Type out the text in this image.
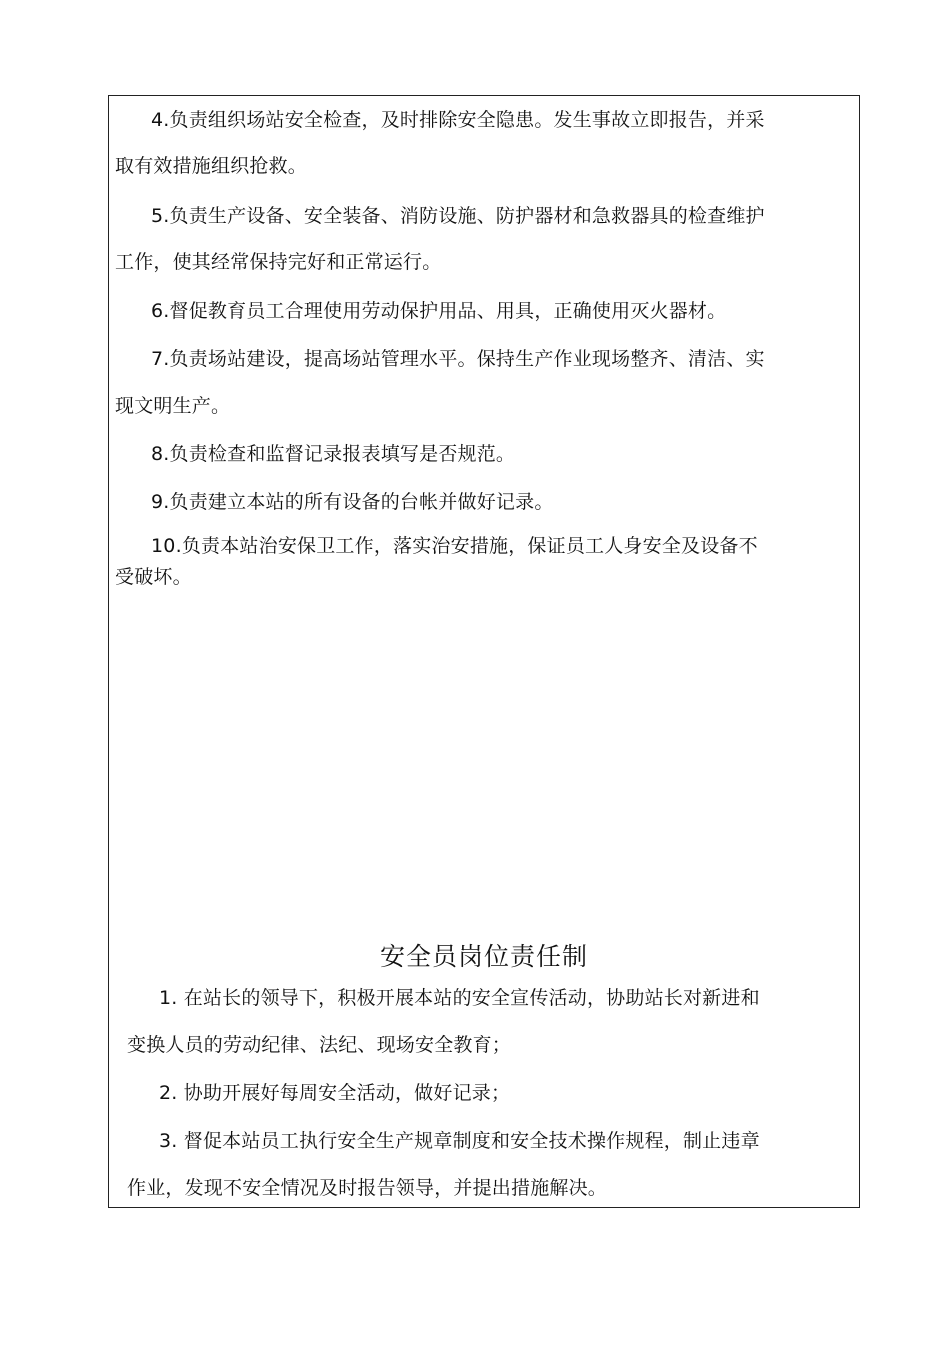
4.负责组织场站安全检查，及时排除安全隐患。发生事故立即报告，并采
取有效措施组织抢救。
5.负责生产设备、安全装备、消防设施、防护器材和急救器具的检查维护
工作，使其经常保持完好和正常运行。
6.督促教育员工合理使用劳动保护用品、用具，正确使用灭火器材。
7.负责场站建设，提高场站管理水平。保持生产作业现场整齐、清洁、实
现文明生产。
8.负责检查和监督记录报表填写是否规范。
9.负责建立本站的所有设备的台帐并做好记录。
10.负责本站治安保卫工作，落实治安措施，保证员工人身安全及设备不
受破坏。
安全员岗位责任制
1. 在站长的领导下，积极开展本站的安全宣传活动，协助站长对新进和
变换人员的劳动纪律、法纪、现场安全教育；
2. 协助开展好每周安全活动，做好记录；
3. 督促本站员工执行安全生产规章制度和安全技术操作规程，制止违章
作业，发现不安全情况及时报告领导，并提出措施解决。
